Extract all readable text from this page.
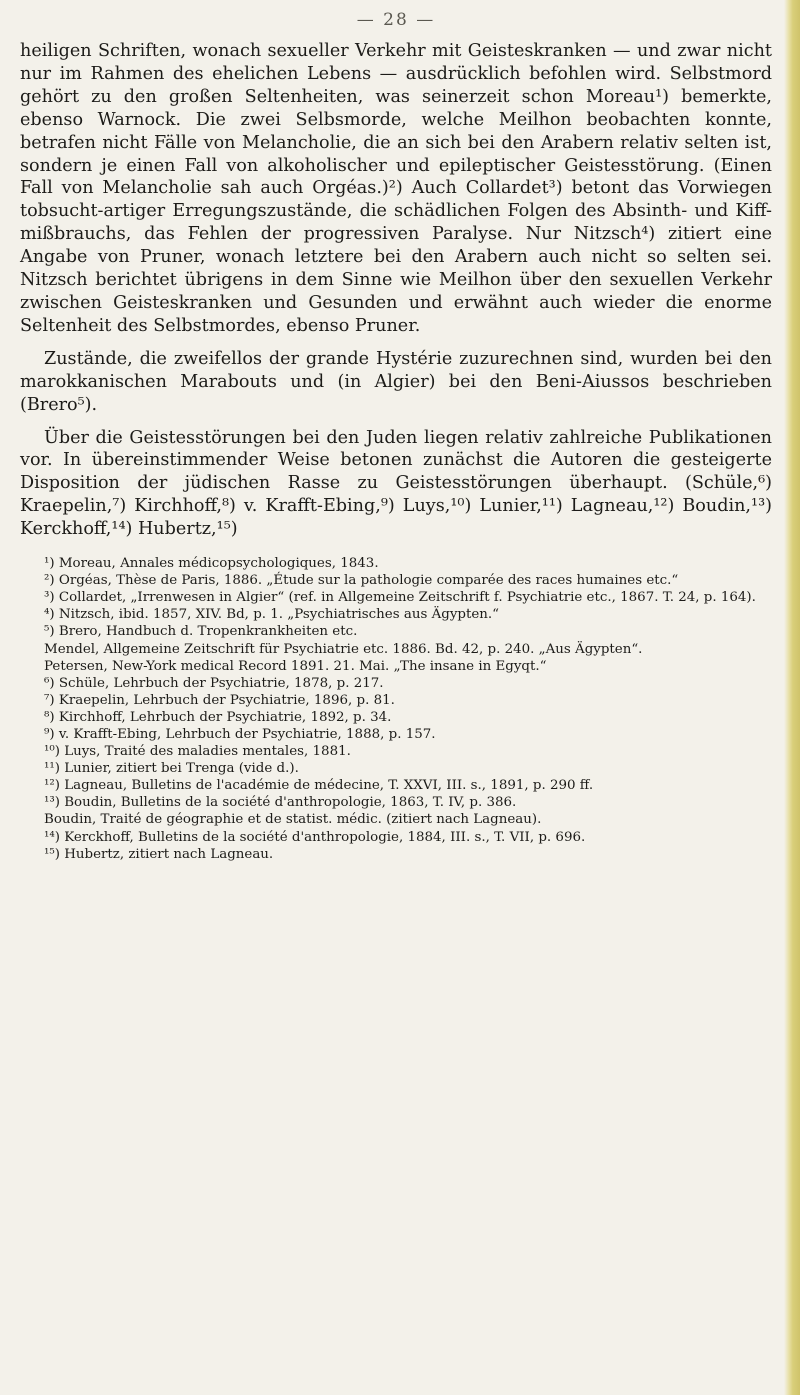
— 28 —

heiligen Schriften, wonach sexueller Verkehr mit Geisteskranken — und zwar nicht nur im Rahmen des ehelichen Lebens — ausdrücklich befohlen wird. Selbstmord gehört zu den großen Seltenheiten, was seinerzeit schon Moreau¹) bemerkte, ebenso Warnock. Die zwei Selbsmorde, welche Meilhon beobachten konnte, betrafen nicht Fälle von Melancholie, die an sich bei den Arabern relativ selten ist, sondern je einen Fall von alkoholischer und epileptischer Geistesstörung. (Einen Fall von Melancholie sah auch Orgéas.)²) Auch Collardet³) betont das Vorwiegen tobsucht-artiger Erregungszustände, die schädlichen Folgen des Absinth- und Kiff-mißbrauchs, das Fehlen der progressiven Paralyse. Nur Nitzsch⁴) zitiert eine Angabe von Pruner, wonach letztere bei den Arabern auch nicht so selten sei. Nitzsch berichtet übrigens in dem Sinne wie Meilhon über den sexuellen Verkehr zwischen Geisteskranken und Gesunden und erwähnt auch wieder die enorme Seltenheit des Selbstmordes, ebenso Pruner.

Zustände, die zweifellos der grande Hystérie zuzurechnen sind, wurden bei den marokkanischen Marabouts und (in Algier) bei den Beni-Aiussos beschrieben (Brero⁵).

Über die Geistesstörungen bei den Juden liegen relativ zahlreiche Publikationen vor. In übereinstimmender Weise betonen zunächst die Autoren die gesteigerte Disposition der jüdischen Rasse zu Geistesstörungen überhaupt. (Schüle,⁶) Kraepelin,⁷) Kirchhoff,⁸) v. Krafft-Ebing,⁹) Luys,¹⁰) Lunier,¹¹) Lagneau,¹²) Boudin,¹³) Kerckhoff,¹⁴) Hubertz,¹⁵)

¹) Moreau, Annales médicopsychologiques, 1843.

²) Orgéas, Thèse de Paris, 1886. „Étude sur la pathologie comparée des races humaines etc.“

³) Collardet, „Irrenwesen in Algier“ (ref. in Allgemeine Zeitschrift f. Psychiatrie etc., 1867. T. 24, p. 164).

⁴) Nitzsch, ibid. 1857, XIV. Bd, p. 1. „Psychiatrisches aus Ägypten.“

⁵) Brero, Handbuch d. Tropenkrankheiten etc.

Mendel, Allgemeine Zeitschrift für Psychiatrie etc. 1886. Bd. 42, p. 240. „Aus Ägypten“.

Petersen, New-York medical Record 1891. 21. Mai. „The insane in Egyqt.“

⁶) Schüle, Lehrbuch der Psychiatrie, 1878, p. 217.

⁷) Kraepelin, Lehrbuch der Psychiatrie, 1896, p. 81.

⁸) Kirchhoff, Lehrbuch der Psychiatrie, 1892, p. 34.

⁹) v. Krafft-Ebing, Lehrbuch der Psychiatrie, 1888, p. 157.

¹⁰) Luys, Traité des maladies mentales, 1881.

¹¹) Lunier, zitiert bei Trenga (vide d.).

¹²) Lagneau, Bulletins de l'académie de médecine, T. XXVI, III. s., 1891, p. 290 ff.

¹³) Boudin, Bulletins de la société d'anthropologie, 1863, T. IV, p. 386.

Boudin, Traité de géographie et de statist. médic. (zitiert nach Lagneau).

¹⁴) Kerckhoff, Bulletins de la société d'anthropologie, 1884, III. s., T. VII, p. 696.

¹⁵) Hubertz, zitiert nach Lagneau.
